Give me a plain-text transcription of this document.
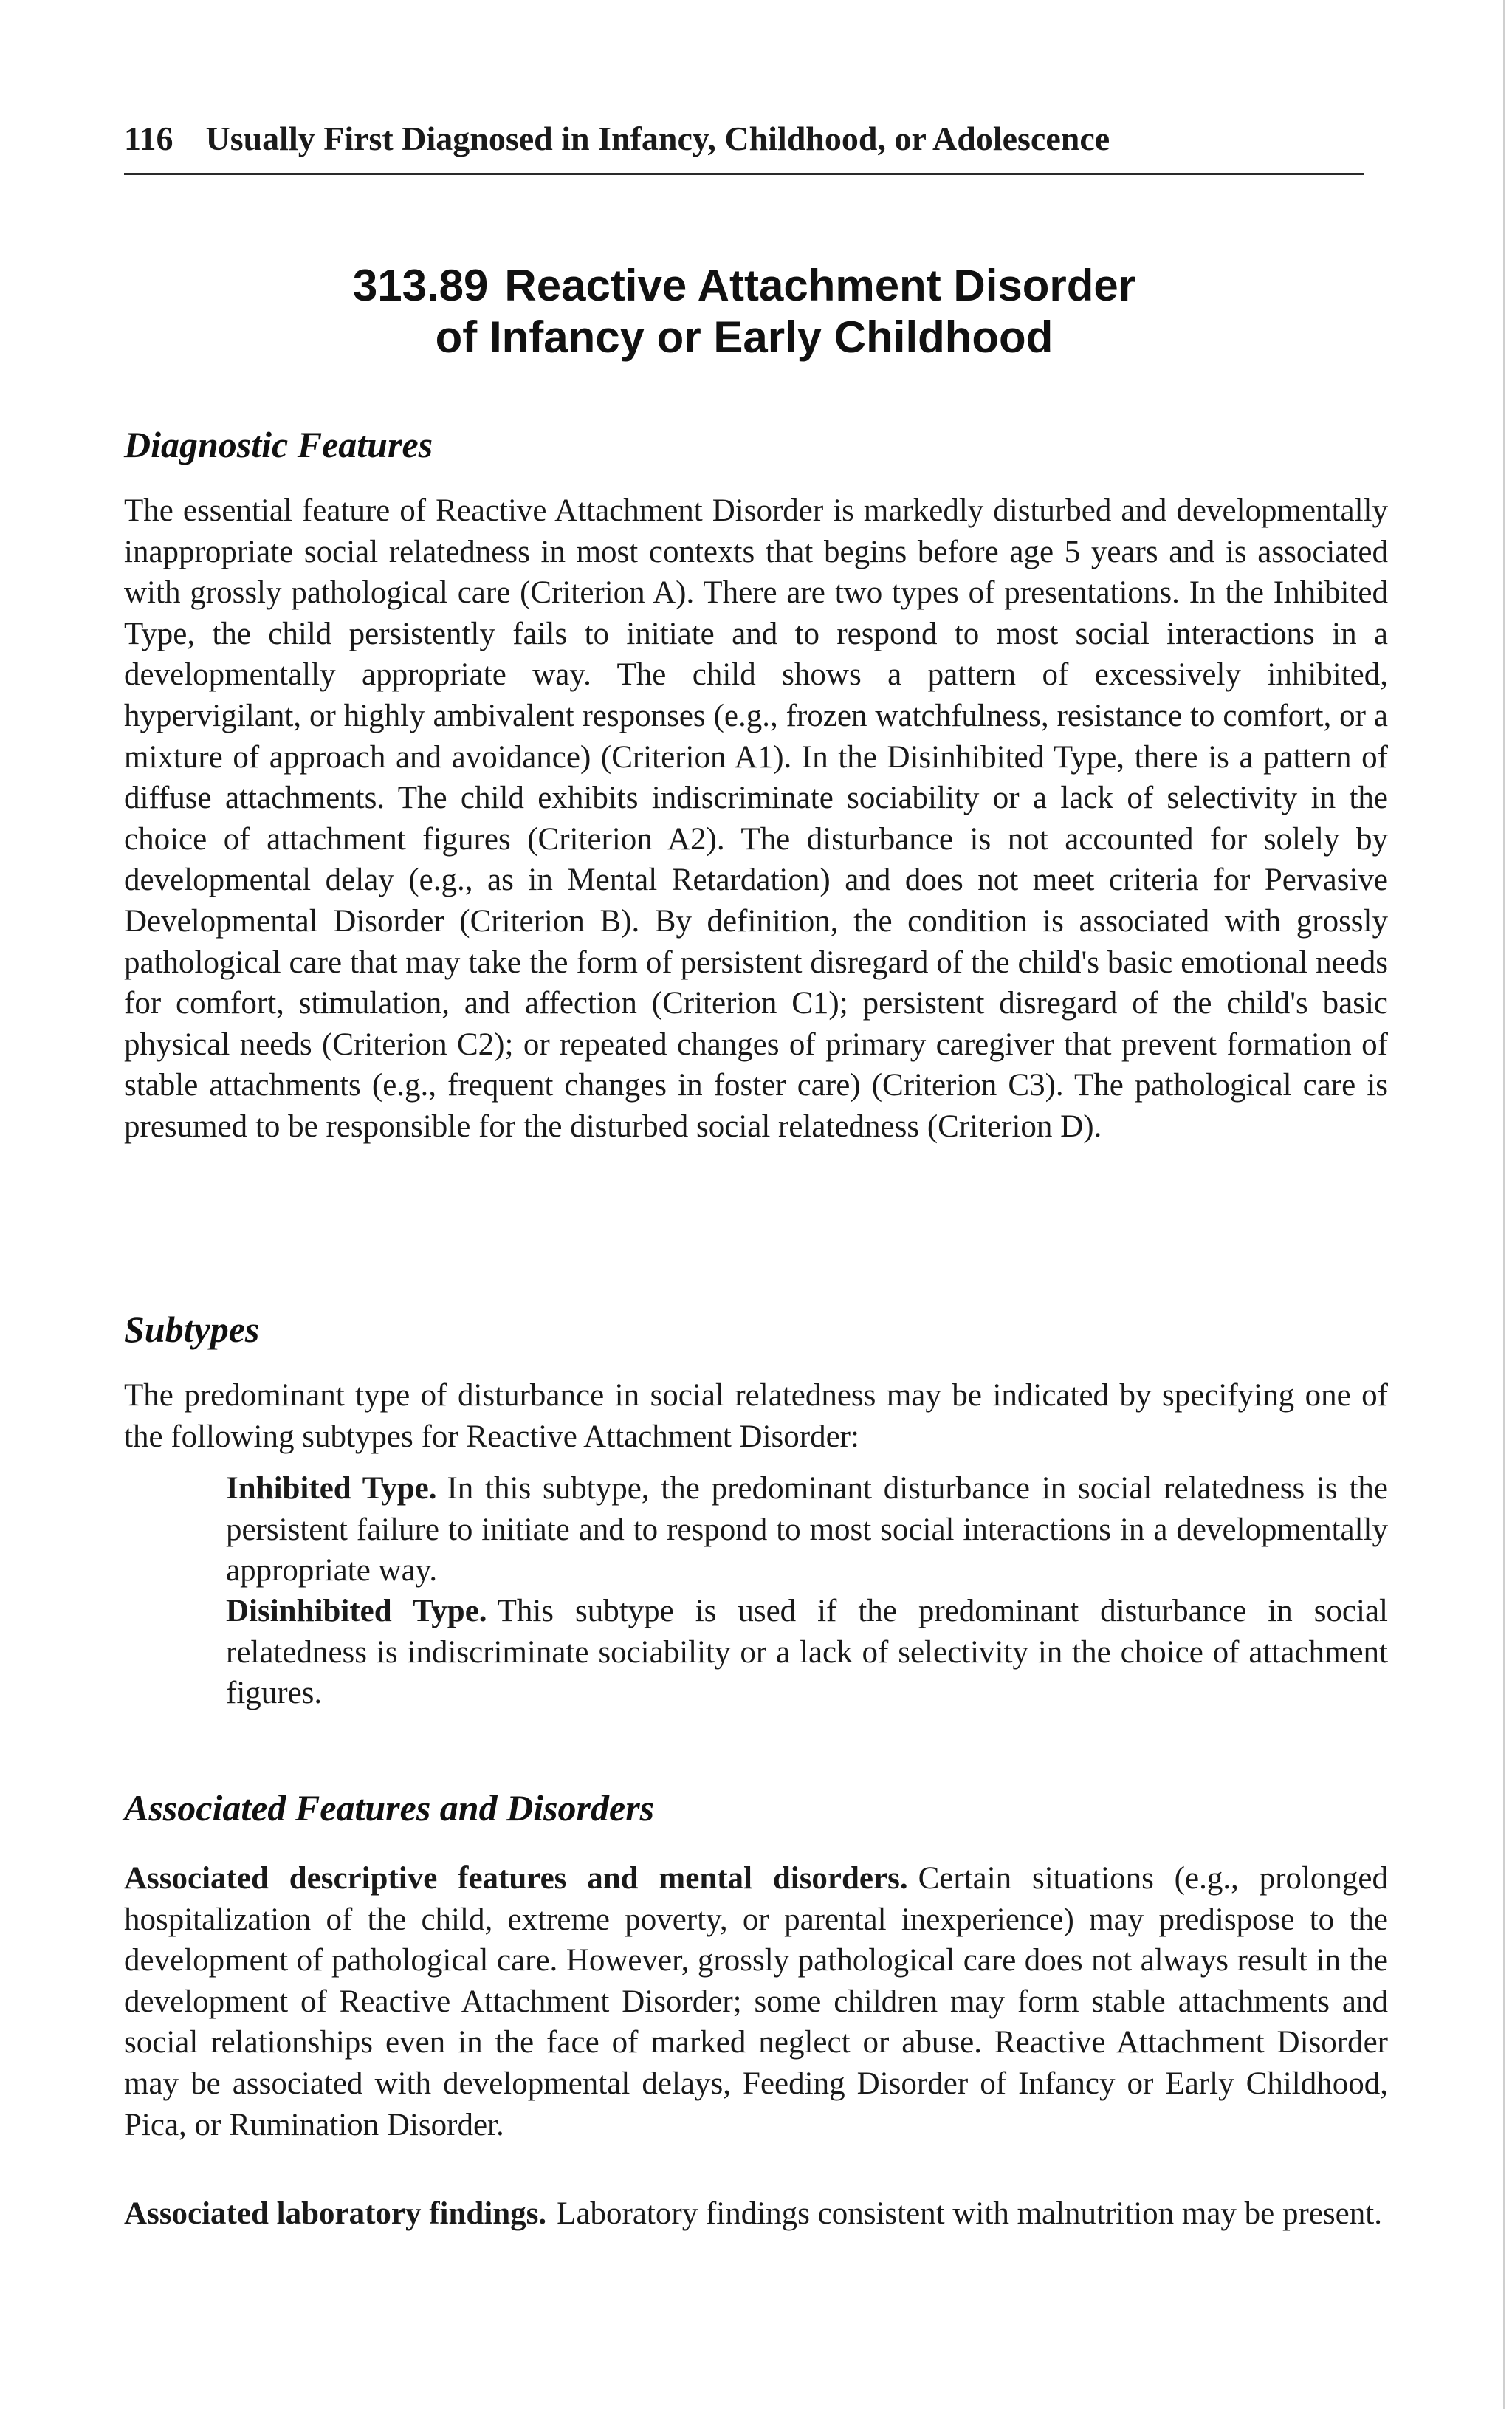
116 Usually First Diagnosed in Infancy, Childhood, or Adolescence
313.89 Reactive Attachment Disorder
of Infancy or Early Childhood
Diagnostic Features

The essential feature of Reactive Attachment Disorder is markedly disturbed and developmentally inappropriate social relatedness in most contexts that begins before age 5 years and is associated with grossly pathological care (Criterion A). There are two types of presentations. In the Inhibited Type, the child persistently fails to initiate and to respond to most social interactions in a developmentally appropriate way. The child shows a pattern of excessively inhibited, hypervigilant, or highly ambivalent responses (e.g., frozen watchfulness, resistance to comfort, or a mixture of approach and avoidance) (Criterion A1). In the Disinhibited Type, there is a pattern of diffuse attachments. The child exhibits indiscriminate sociability or a lack of selectivity in the choice of attachment figures (Criterion A2). The disturbance is not accounted for solely by developmental delay (e.g., as in Mental Retardation) and does not meet criteria for Pervasive Developmental Disorder (Criterion B). By definition, the condition is associated with grossly pathological care that may take the form of persistent disregard of the child's basic emotional needs for comfort, stimulation, and affection (Criterion C1); persistent disregard of the child's basic physical needs (Criterion C2); or repeated changes of primary caregiver that prevent formation of stable attachments (e.g., frequent changes in foster care) (Criterion C3). The pathological care is presumed to be responsible for the disturbed social relatedness (Criterion D).

Subtypes

The predominant type of disturbance in social relatedness may be indicated by specifying one of the following subtypes for Reactive Attachment Disorder:

Inhibited Type. In this subtype, the predominant disturbance in social relatedness is the persistent failure to initiate and to respond to most social interactions in a developmentally appropriate way.

Disinhibited Type. This subtype is used if the predominant disturbance in social relatedness is indiscriminate sociability or a lack of selectivity in the choice of attachment figures.

Associated Features and Disorders

Associated descriptive features and mental disorders. Certain situations (e.g., prolonged hospitalization of the child, extreme poverty, or parental inexperience) may predispose to the development of pathological care. However, grossly pathological care does not always result in the development of Reactive Attachment Disorder; some children may form stable attachments and social relationships even in the face of marked neglect or abuse. Reactive Attachment Disorder may be associated with developmental delays, Feeding Disorder of Infancy or Early Childhood, Pica, or Rumination Disorder.

Associated laboratory findings. Laboratory findings consistent with malnutrition may be present.
